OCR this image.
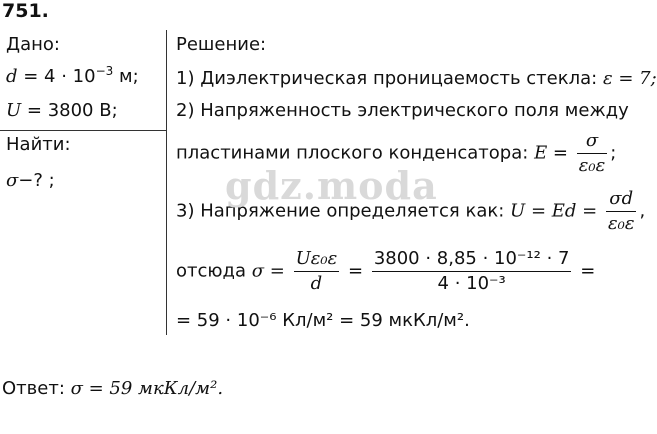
751.
Дано:
$d = 4 \cdot 10^{-3}$ м;
U = 3800 В;
Найти:
σ−? ;
Решение:
1) Диэлектрическая проницаемость стекла: ε = 7;
2) Напряженность электрического поля между
пластинами плоского конденсатора: $E = \frac{\sigma}{\text{ε₀ε}}$ ;
3) Напряжение определяется как: $U = Ed = \frac{\sigma d}{\text{ε₀ε}}$ ,
отсюда $\sigma = \frac{\text{Uε₀ε}}{d} = \frac{\text{3800 · 8,85 · 10⁻¹² · 7}}{\text{4 · 10⁻³}}$ =
= 59 · 10⁻⁶ Кл/м² = 59 мкКл/м².
Ответ: σ = 59 мкКл/м².
gdz.moda
